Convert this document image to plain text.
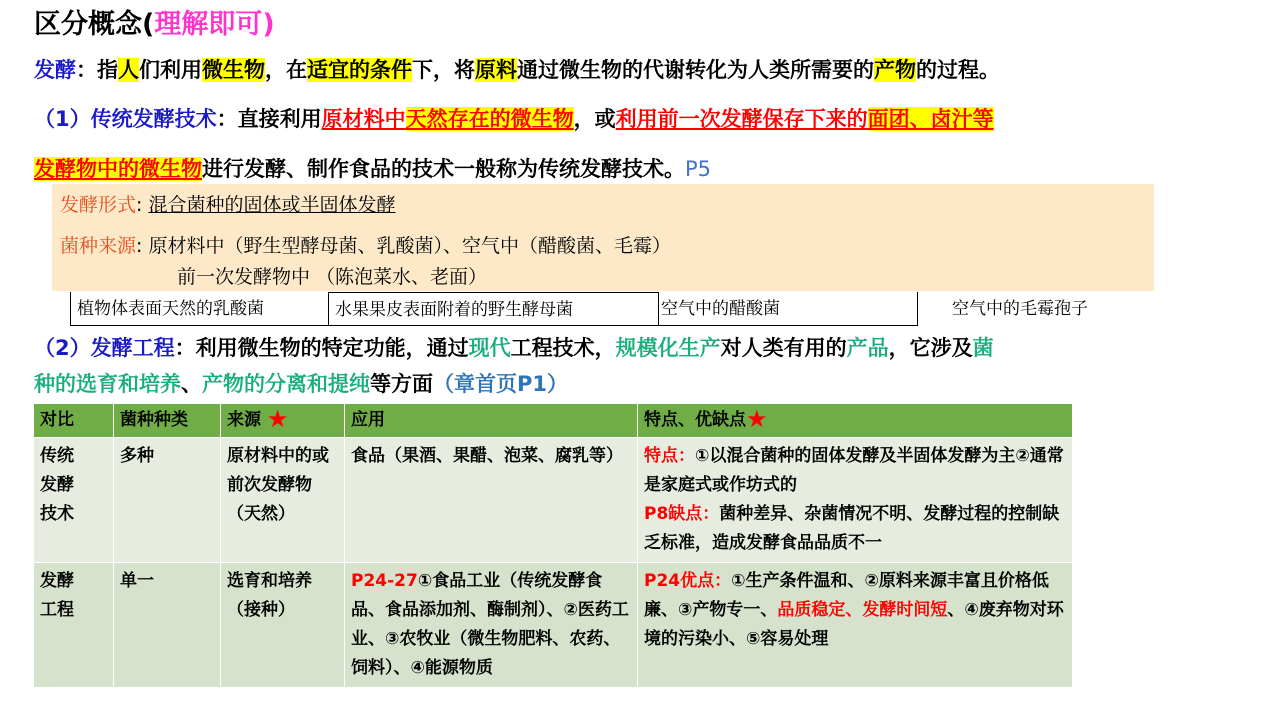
区分概念(理解即可)
发酵：指人们利用微生物，在适宜的条件下，将原料通过微生物的代谢转化为人类所需要的产物的过程。
（1）传统发酵技术：直接利用原材料中天然存在的微生物，或利用前一次发酵保存下来的面团、卤汁等
发酵物中的微生物进行发酵、制作食品的技术一般称为传统发酵技术。P5
发酵形式: 混合菌种的固体或半固体发酵
菌种来源: 原材料中（野生型酵母菌、乳酸菌）、空气中（醋酸菌、毛霉）
前一次发酵物中 （陈泡菜水、老面）
植物体表面天然的乳酸菌	水果果皮表面附着的野生酵母菌	空气中的醋酸菌	空气中的毛霉孢子
（2）发酵工程：利用微生物的特定功能，通过现代工程技术，规模化生产对人类有用的产品，它涉及菌
种的选育和培养、产物的分离和提纯等方面（章首页P1）
对比	菌种种类	来源 ★	应用	特点、优缺点★

传统发酵技术	多种	原材料中的或前次发酵物（天然）	食品（果酒、果醋、泡菜、腐乳等）	特点：①以混合菌种的固体发酵及半固体发酵为主②通常是家庭式或作坊式的
P8缺点：菌种差异、杂菌情况不明、发酵过程的控制缺乏标准，造成发酵食品品质不一

发酵工程	单一	选育和培养（接种）	P24-27①食品工业（传统发酵食品、食品添加剂、酶制剂）、②医药工业、③农牧业（微生物肥料、农药、饲料）、④能源物质	P24优点：①生产条件温和、②原料来源丰富且价格低廉、③产物专一、品质稳定、发酵时间短、④废弃物对环境的污染小、⑤容易处理
